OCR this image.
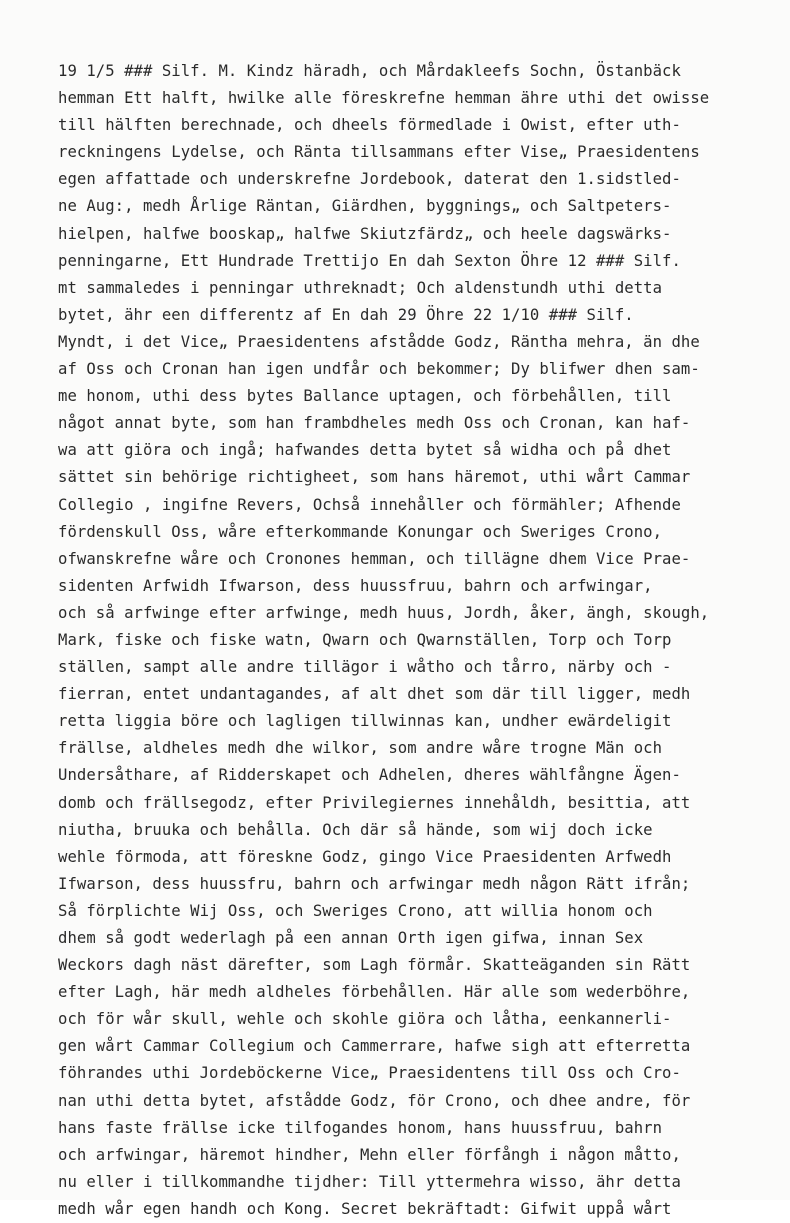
19 1/5 ### Silf. M. Kindz häradh, och Mårdakleefs Sochn, Östanbäck
hemman Ett halft, hwilke alle föreskrefne hemman ähre uthi det owisse
till hälften berechnade, och dheels förmedlade i Owist, efter uth-
reckningens Lydelse, och Ränta tillsammans efter Vise„ Praesidentens
egen affattade och underskrefne Jordebook, daterat den 1.sidstled-
ne Aug:, medh Årlige Räntan, Giärdhen, byggnings„ och Saltpeters-
hielpen, halfwe booskap„ halfwe Skiutzfärdz„ och heele dagswärks-
penningarne, Ett Hundrade Trettijo En dah Sexton Öhre 12 ### Silf.
mt sammaledes i penningar uthreknadt; Och aldenstundh uthi detta
bytet, ähr een differentz af En dah 29 Öhre 22 1/10 ### Silf.
Myndt, i det Vice„ Praesidentens afstådde Godz, Räntha mehra, än dhe
af Oss och Cronan han igen undfår och bekommer; Dy blifwer dhen sam-
me honom, uthi dess bytes Ballance uptagen, och förbehållen, till
något annat byte, som han frambdheles medh Oss och Cronan, kan haf-
wa att giöra och ingå; hafwandes detta bytet så widha och på dhet
sättet sin behörige richtigheet, som hans häremot, uthi wårt Cammar
Collegio , ingifne Revers, Ochså innehåller och förmähler; Afhende
fördenskull Oss, wåre efterkommande Konungar och Sweriges Crono,
ofwanskrefne wåre och Cronones hemman, och tillägne dhem Vice Prae-
sidenten Arfwidh Ifwarson, dess huussfruu, bahrn och arfwingar,
och så arfwinge efter arfwinge, medh huus, Jordh, åker, ängh, skough,
Mark, fiske och fiske watn, Qwarn och Qwarnställen, Torp och Torp
ställen, sampt alle andre tillägor i wåtho och tårro, närby och -
fierran, entet undantagandes, af alt dhet som där till ligger, medh
retta liggia böre och lagligen tillwinnas kan, undher ewärdeligit
frällse, aldheles medh dhe wilkor, som andre wåre trogne Män och
Undersåthare, af Ridderskapet och Adhelen, dheres wählfångne Ägen-
domb och frällsegodz, efter Privilegiernes innehåldh, besittia, att
niutha, bruuka och behålla. Och där så hände, som wij doch icke
wehle förmoda, att föreskne Godz, gingo Vice Praesidenten Arfwedh
Ifwarson, dess huussfru, bahrn och arfwingar medh någon Rätt ifrån;
Så förplichte Wij Oss, och Sweriges Crono, att willia honom och
dhem så godt wederlagh på een annan Orth igen gifwa, innan Sex
Weckors dagh näst därefter, som Lagh förmår. Skatteäganden sin Rätt
efter Lagh, här medh aldheles förbehållen. Här alle som wederböhre,
och för wår skull, wehle och skohle giöra och låtha, eenkannerli-
gen wårt Cammar Collegium och Cammerrare, hafwe sigh att efterretta
föhrandes uthi Jordeböckerne Vice„ Praesidentens till Oss och Cro-
nan uthi detta bytet, afstådde Godz, för Crono, och dhee andre, för
hans faste frällse icke tilfogandes honom, hans huussfruu, bahrn
och arfwingar, häremot hindher, Mehn eller förfångh i någon måtto,
nu eller i tillkommandhe tijdher: Till yttermehra wisso, ähr detta
medh wår egen handh och Kong. Secret bekräftadt: Gifwit uppå wårt
